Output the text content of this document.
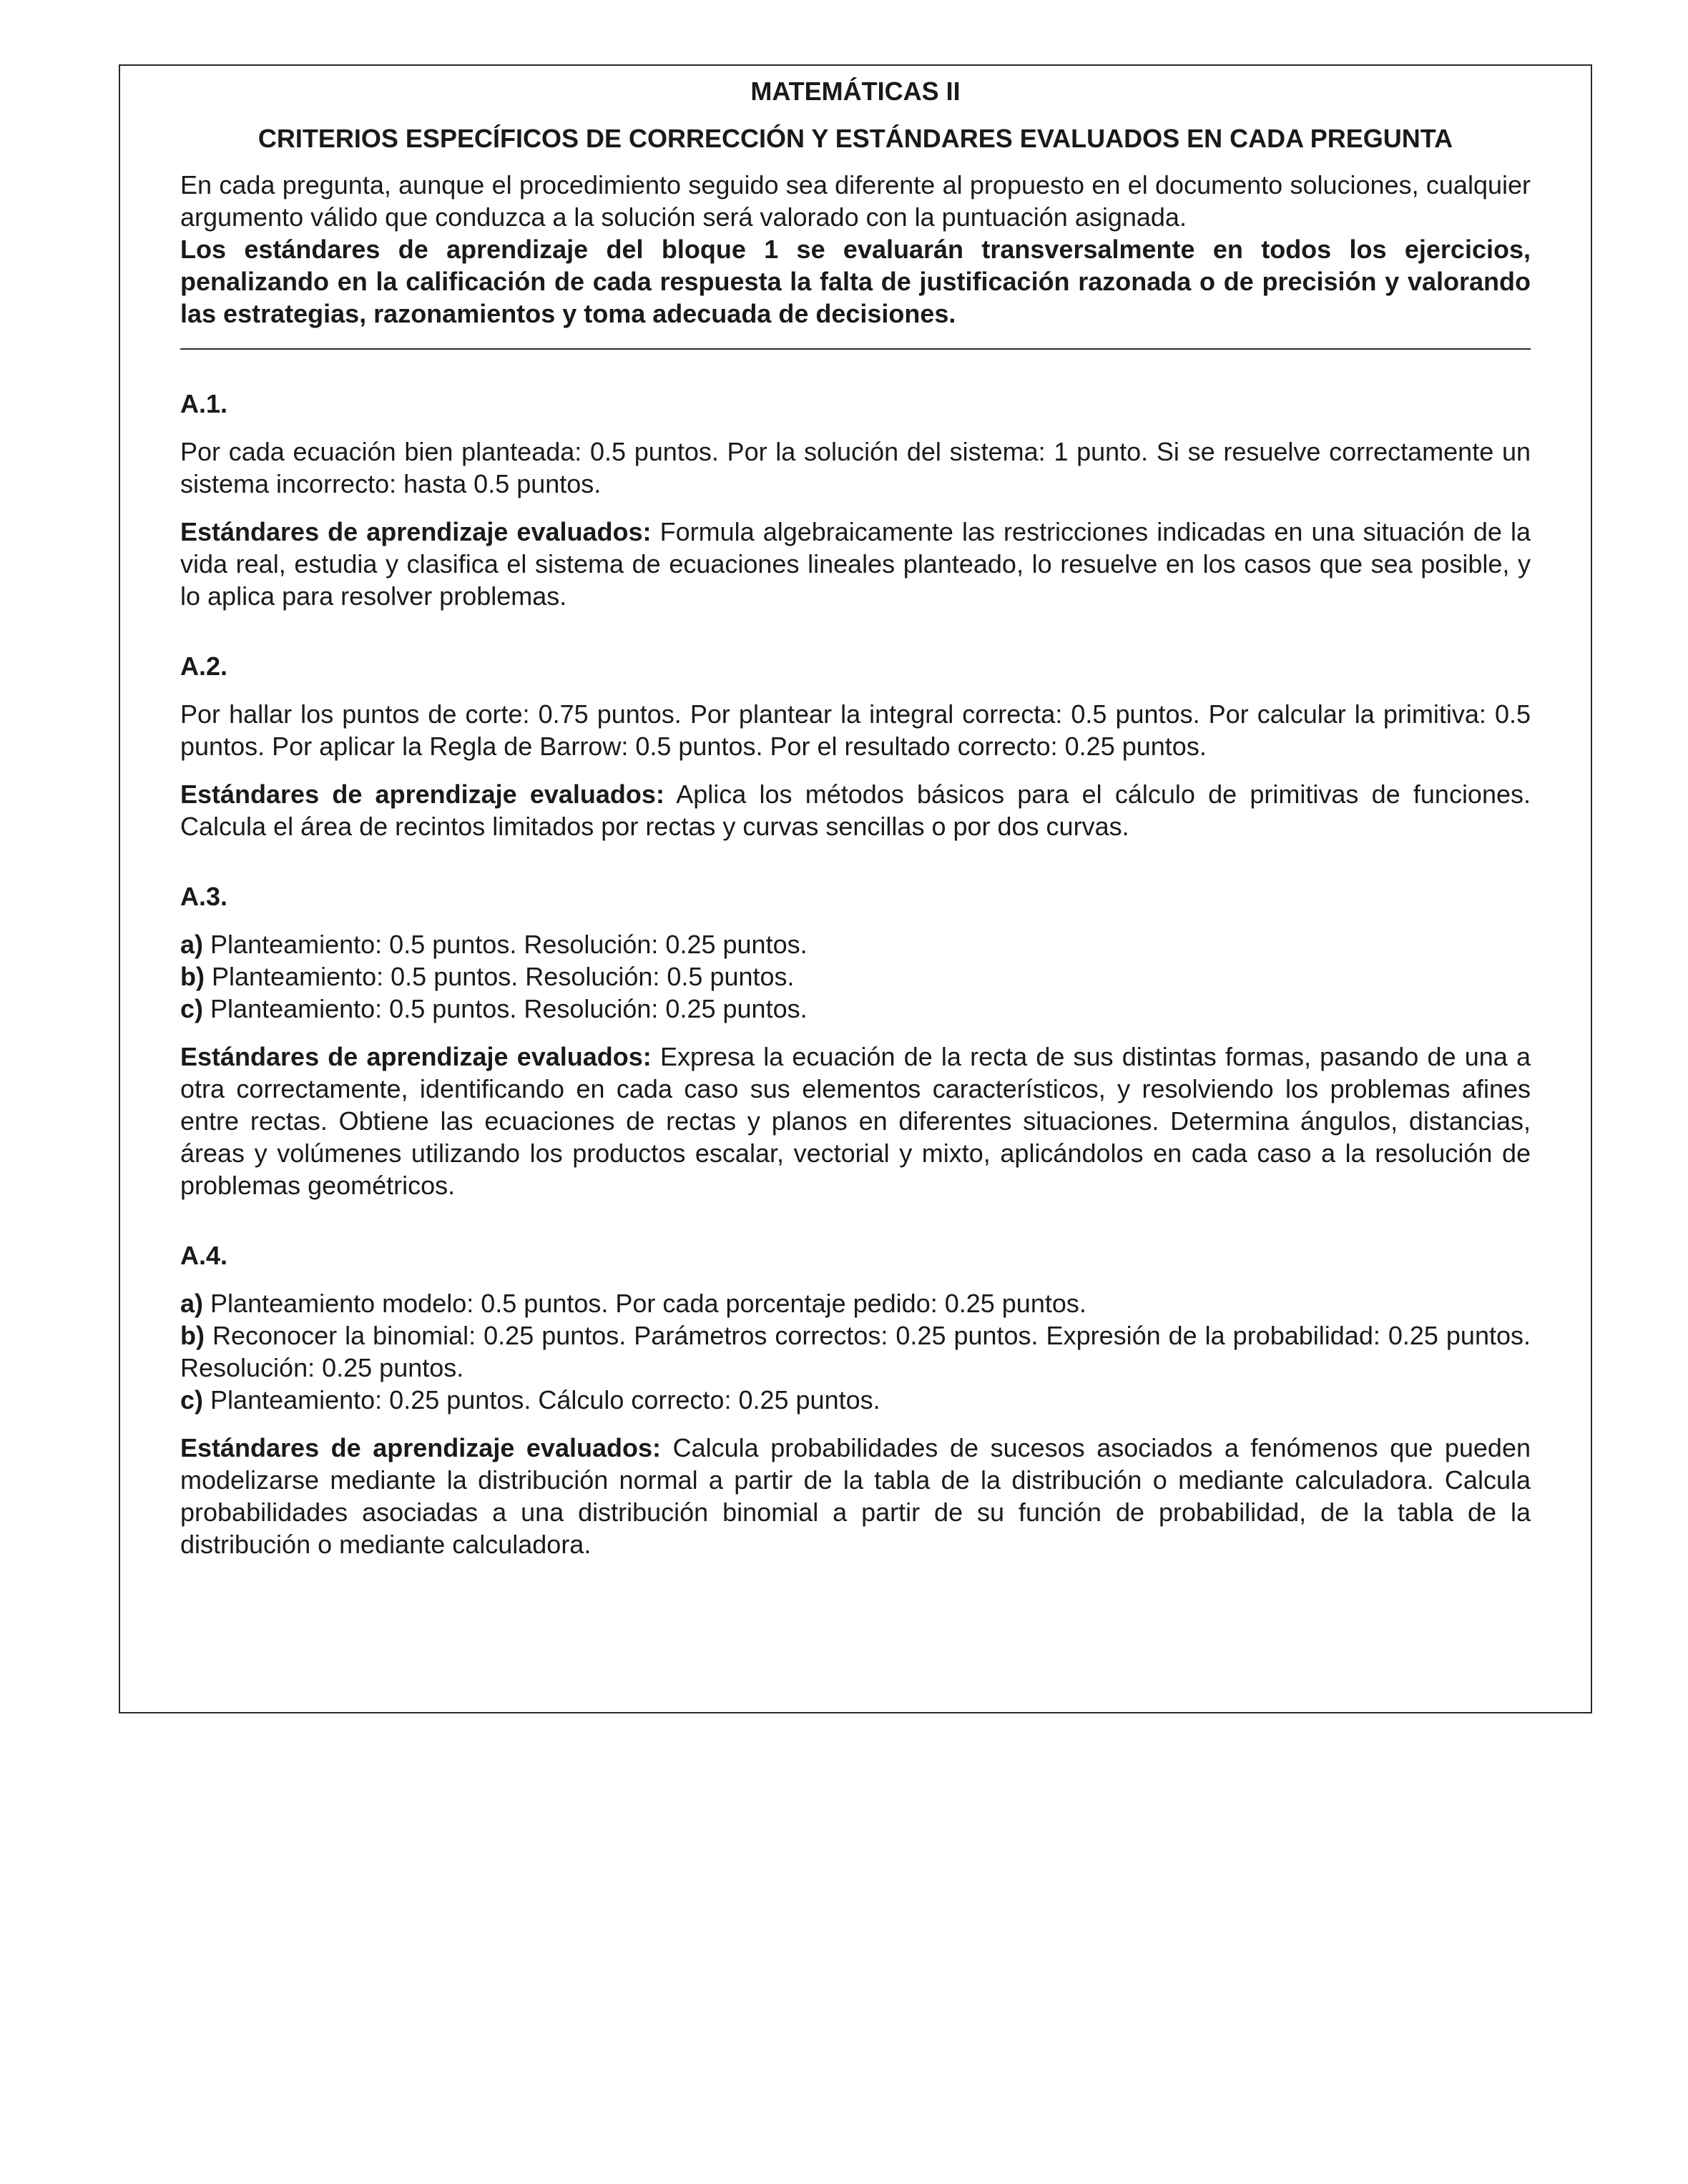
MATEMÁTICAS II
CRITERIOS ESPECÍFICOS DE CORRECCIÓN Y ESTÁNDARES EVALUADOS EN CADA PREGUNTA
En cada pregunta, aunque el procedimiento seguido sea diferente al propuesto en el documento soluciones, cualquier argumento válido que conduzca a la solución será valorado con la puntuación asignada.
Los estándares de aprendizaje del bloque 1 se evaluarán transversalmente en todos los ejercicios, penalizando en la calificación de cada respuesta la falta de justificación razonada o de precisión y valorando las estrategias, razonamientos y toma adecuada de decisiones.
A.1.
Por cada ecuación bien planteada: 0.5 puntos. Por la solución del sistema: 1 punto. Si se resuelve correctamente un sistema incorrecto: hasta 0.5 puntos.
Estándares de aprendizaje evaluados: Formula algebraicamente las restricciones indicadas en una situación de la vida real, estudia y clasifica el sistema de ecuaciones lineales planteado, lo resuelve en los casos que sea posible, y lo aplica para resolver problemas.
A.2.
Por hallar los puntos de corte: 0.75 puntos. Por plantear la integral correcta: 0.5 puntos. Por calcular la primitiva: 0.5 puntos. Por aplicar la Regla de Barrow: 0.5 puntos. Por el resultado correcto: 0.25 puntos.
Estándares de aprendizaje evaluados: Aplica los métodos básicos para el cálculo de primitivas de funciones. Calcula el área de recintos limitados por rectas y curvas sencillas o por dos curvas.
A.3.
a) Planteamiento: 0.5 puntos. Resolución: 0.25 puntos.
b) Planteamiento: 0.5 puntos. Resolución: 0.5 puntos.
c) Planteamiento: 0.5 puntos. Resolución: 0.25 puntos.
Estándares de aprendizaje evaluados: Expresa la ecuación de la recta de sus distintas formas, pasando de una a otra correctamente, identificando en cada caso sus elementos característicos, y resolviendo los problemas afines entre rectas. Obtiene las ecuaciones de rectas y planos en diferentes situaciones. Determina ángulos, distancias, áreas y volúmenes utilizando los productos escalar, vectorial y mixto, aplicándolos en cada caso a la resolución de problemas geométricos.
A.4.
a) Planteamiento modelo: 0.5 puntos. Por cada porcentaje pedido: 0.25 puntos.
b) Reconocer la binomial: 0.25 puntos. Parámetros correctos: 0.25 puntos. Expresión de la probabilidad: 0.25 puntos. Resolución: 0.25 puntos.
c) Planteamiento: 0.25 puntos. Cálculo correcto: 0.25 puntos.
Estándares de aprendizaje evaluados: Calcula probabilidades de sucesos asociados a fenómenos que pueden modelizarse mediante la distribución normal a partir de la tabla de la distribución o mediante calculadora. Calcula probabilidades asociadas a una distribución binomial a partir de su función de probabilidad, de la tabla de la distribución o mediante calculadora.
